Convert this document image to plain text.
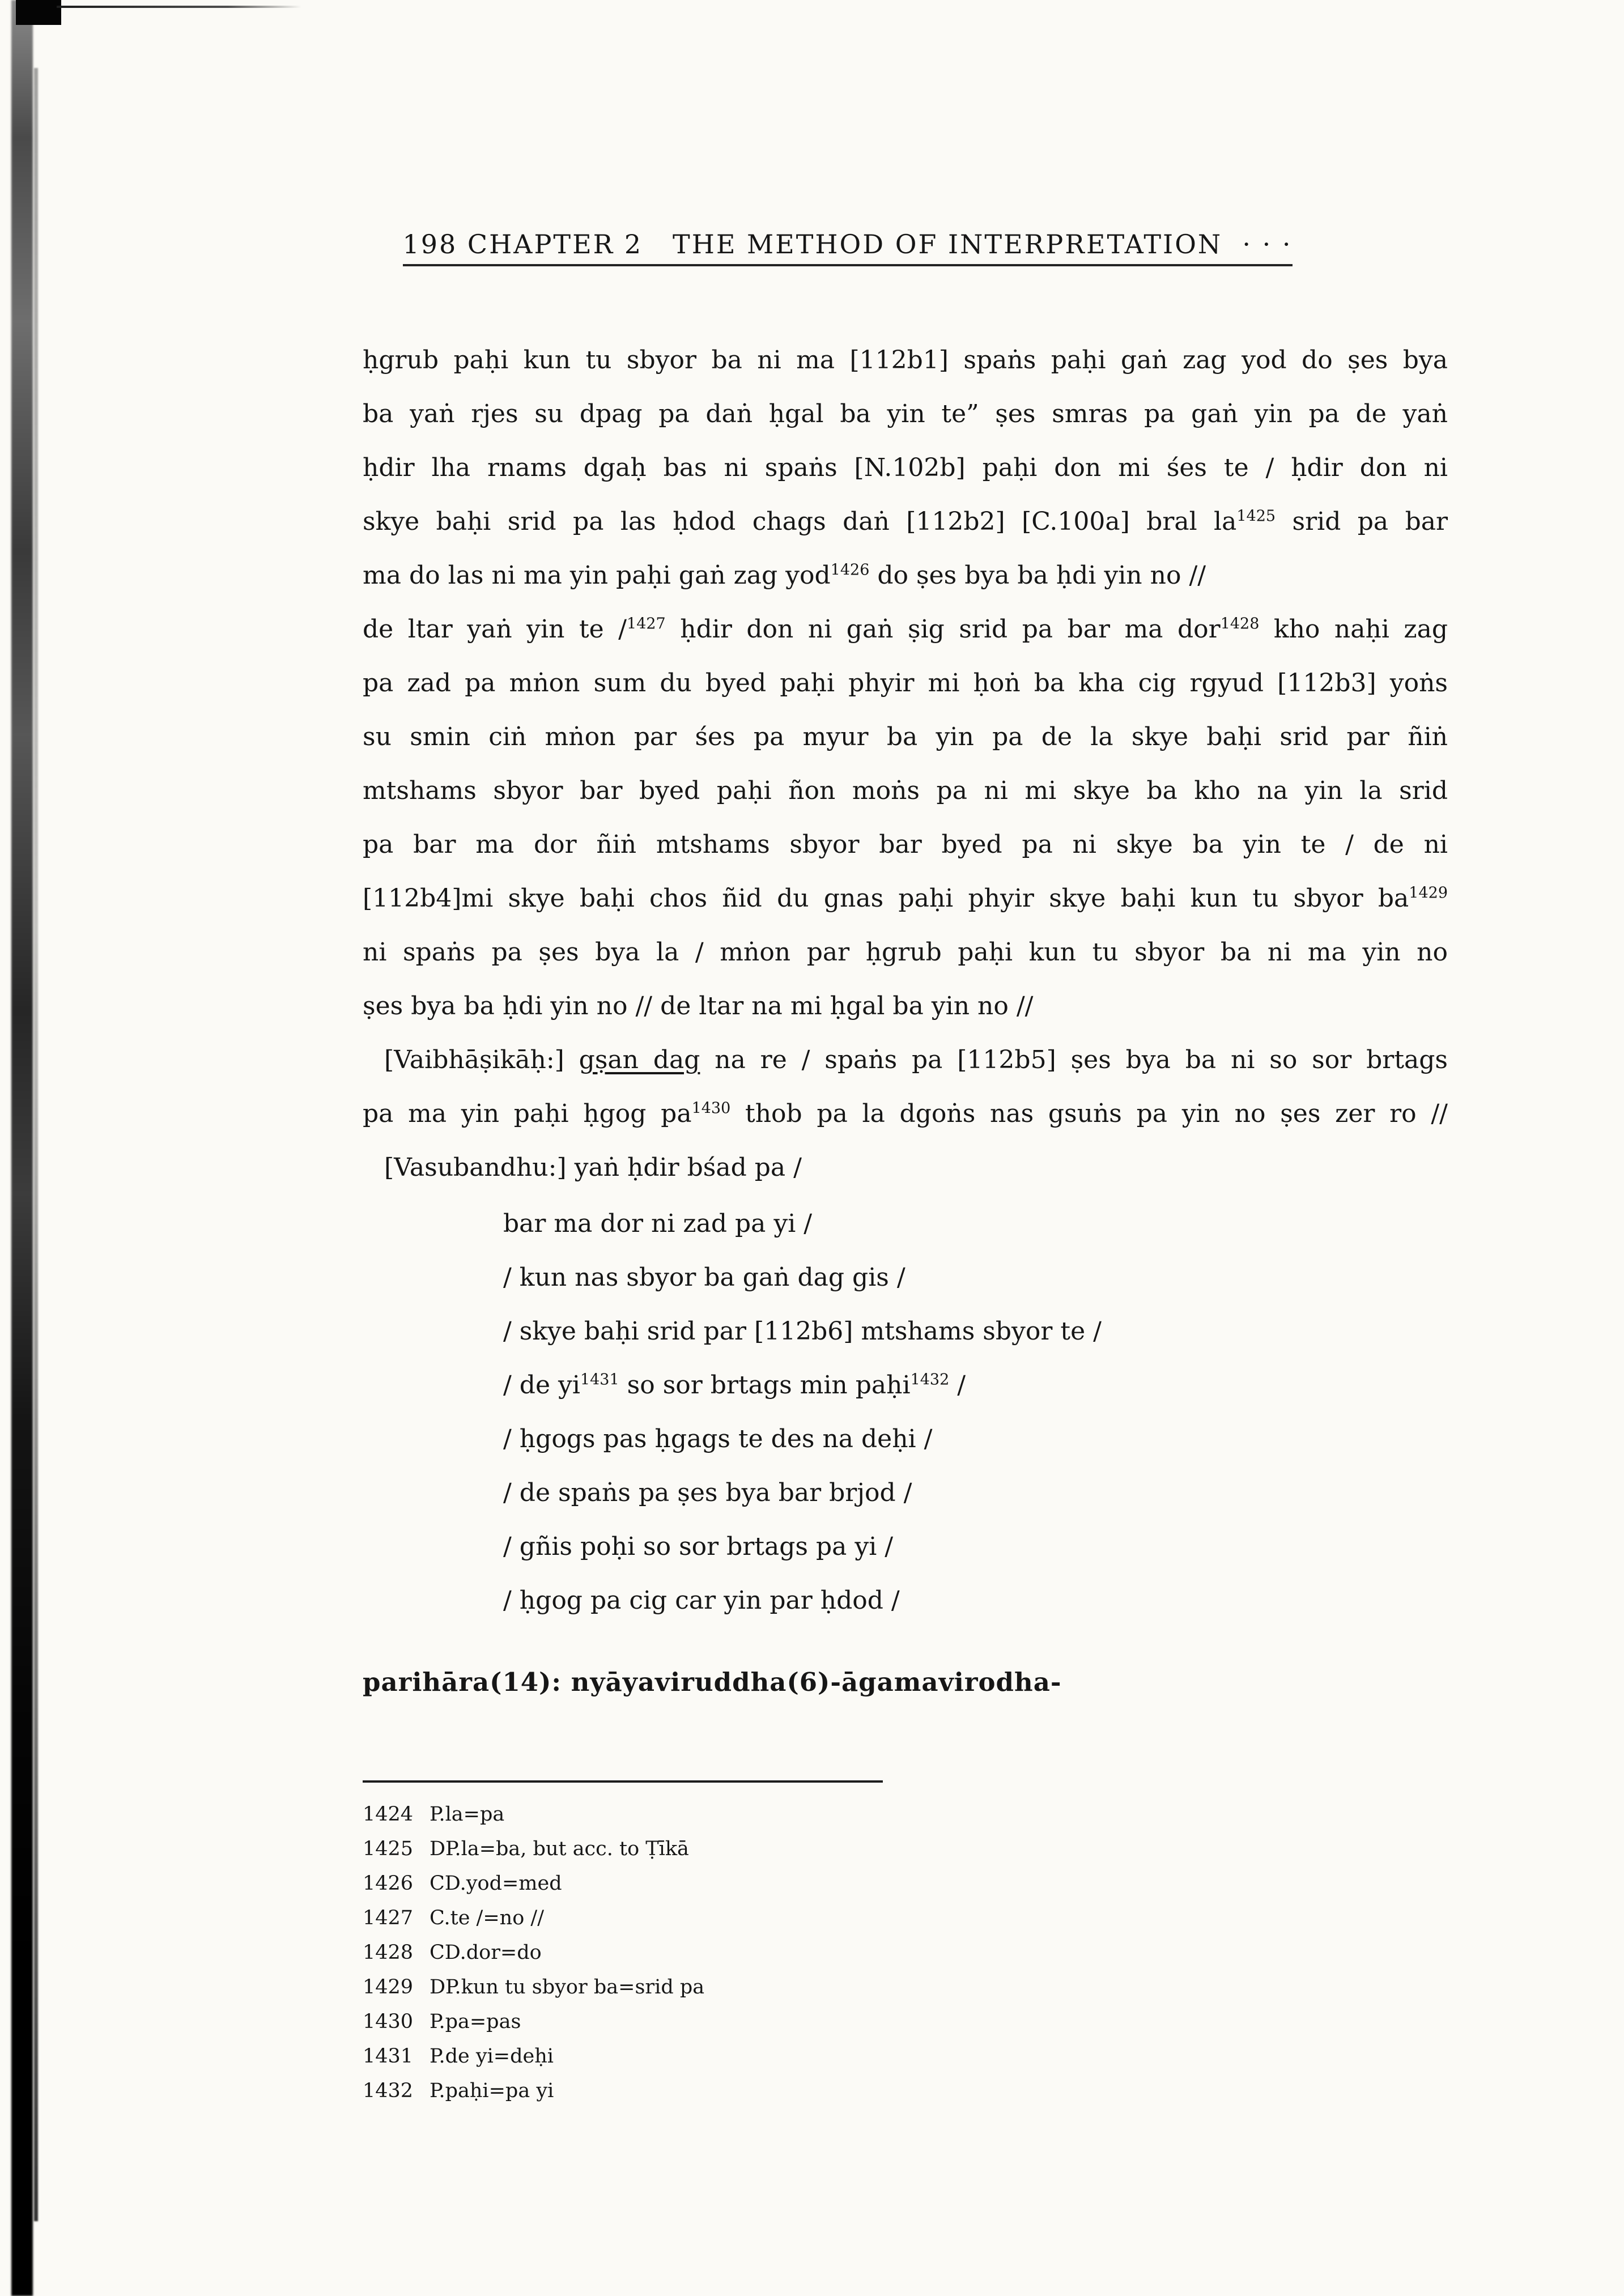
198 CHAPTER 2   THE METHOD OF INTERPRETATION  · · ·

ḥgrub paḥi kun tu sbyor ba ni ma [112b1] spaṅs paḥi gaṅ zag yod do ṣes bya
ba yaṅ rjes su dpag pa daṅ ḥgal ba yin te” ṣes smras pa gaṅ yin pa de yaṅ
ḥdir lha rnams dgaḥ bas ni spaṅs [N.102b] paḥi don mi śes te / ḥdir don ni
skye baḥi srid pa las ḥdod chags daṅ [112b2] [C.100a] bral $la^{1425}$ srid pa bar
ma do las ni ma yin paḥi gaṅ zag yod$^{1426}$ do ṣes bya ba ḥdi yin no //
de ltar yaṅ yin te /$^{1427}$ ḥdir don ni gaṅ ṣig srid pa bar ma dor$^{1428}$ kho naḥi zag
pa zad pa mṅon sum du byed paḥi phyir mi ḥoṅ ba kha cig rgyud [112b3] yoṅs
su smin ciṅ mṅon par śes pa myur ba yin pa de la skye baḥi srid par ñiṅ
mtshams sbyor bar byed paḥi ñon moṅs pa ni mi skye ba kho na yin la srid
pa bar ma dor ñiṅ mtshams sbyor bar byed pa ni skye ba yin te / de ni
[112b4]mi skye baḥi chos ñid du gnas paḥi phyir skye baḥi kun tu sbyor $ba^{1429}$
ni spaṅs pa ṣes bya la / mṅon par ḥgrub paḥi kun tu sbyor ba ni ma yin no
ṣes bya ba ḥdi yin no // de ltar na mi ḥgal ba yin no //
[Vaibhāṣikāḥ:] gṣan dag na re / spaṅs pa [112b5] ṣes bya ba ni so sor brtags
pa ma yin paḥi ḥgog $pa^{1430}$ thob pa la dgoṅs nas gsuṅs pa yin no ṣes zer ro //
[Vasubandhu:] yaṅ ḥdir bśad pa /
bar ma dor ni zad pa yi /
/ kun nas sbyor ba gaṅ dag gis /
/ skye baḥi srid par [112b6] mtshams sbyor te /
/ de $yi^{1431}$ so sor brtags min paḥi$^{1432}$ /
/ ḥgogs pas ḥgags te des na deḥi /
/ de spaṅs pa ṣes bya bar brjod /
/ gñis poḥi so sor brtags pa yi /
/ ḥgog pa cig car yin par ḥdod /
parihāra(14): nyāyaviruddha(6)-āgamavirodha-
1424 P.la=pa
1425 DP.la=ba, but acc. to Ṭīkā
1426 CD.yod=med
1427 C.te /=no //
1428 CD.dor=do
1429 DP.kun tu sbyor ba=srid pa
1430 P.pa=pas
1431 P.de yi=deḥi
1432 P.paḥi=pa yi
